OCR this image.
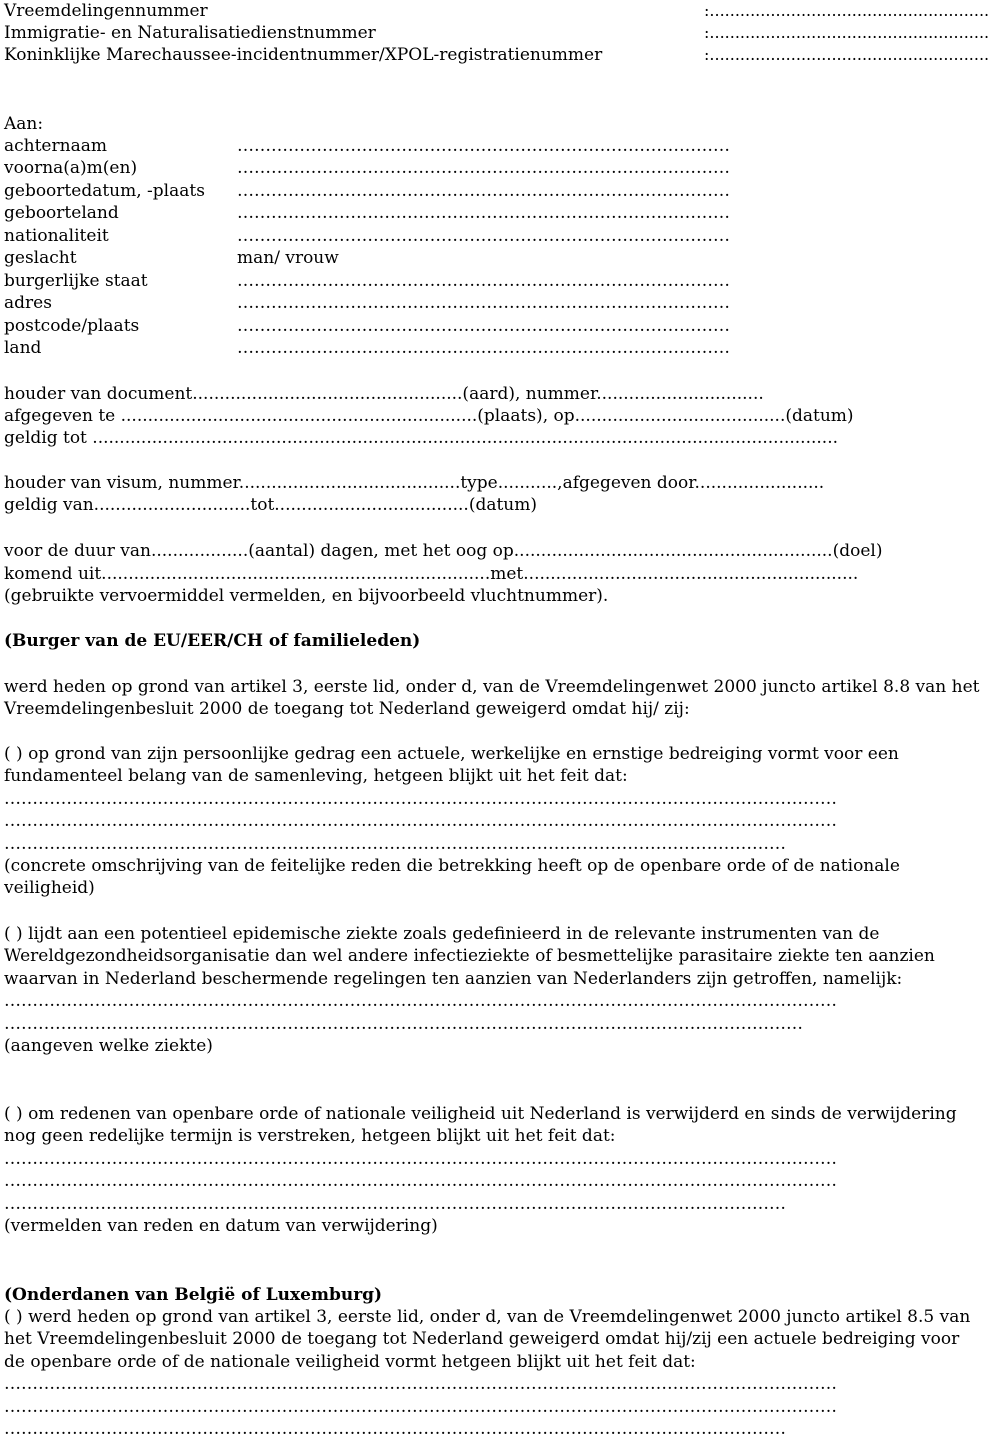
Vreemdelingennummer	:.......................................................
Immigratie- en Naturalisatiedienstnummer	:.......................................................
Koninklijke Marechaussee-incidentnummer/XPOL-registratienummer	:.......................................................
Aan:
achternaam	……………………………………………………………………………
voorna(a)m(en)	……………………………………………………………………………
geboortedatum, -plaats ……………………………………………………………………………
geboorteland	……………………………………………………………………………
nationaliteit	……………………………………………………………………………
geslacht	man/ vrouw
burgerlijke staat	……………………………………………………………………………
adres	……………………………………………………………………………
postcode/plaats	……………………………………………………………………………
land	……………………………………………………………………………
houder van document..................................................(aard), nummer...............................
afgegeven te ..................................................................(plaats), op.......................................(datum)
geldig tot ..........................................................................................................................................
houder van visum, nummer.........................................type...........,afgegeven door........................
geldig van.............................tot....................................(datum)
voor de duur van..................(aantal) dagen, met het oog op...........................................................(doel)
komend uit........................................................................met..............................................................
(gebruikte vervoermiddel vermelden, en bijvoorbeeld vluchtnummer).
(Burger van de EU/EER/CH of familieleden)
werd heden op grond van artikel 3, eerste lid, onder d, van de Vreemdelingenwet 2000 juncto artikel 8.8 van het
Vreemdelingenbesluit 2000 de toegang tot Nederland geweigerd omdat hij/ zij:
( ) op grond van zijn persoonlijke gedrag een actuele, werkelijke en ernstige bedreiging vormt voor een
fundamenteel belang van de samenleving, hetgeen blijkt uit het feit dat:
…………………………………………………………………………………………………………………………………
…………………………………………………………………………………………………………………………………
…………………………………………………………………………………………………………………………
(concrete omschrijving van de feitelijke reden die betrekking heeft op de openbare orde of de nationale
veiligheid)
( ) lijdt aan een potentieel epidemische ziekte zoals gedefinieerd in de relevante instrumenten van de
Wereldgezondheidsorganisatie dan wel andere infectieziekte of besmettelijke parasitaire ziekte ten aanzien
waarvan in Nederland beschermende regelingen ten aanzien van Nederlanders zijn getroffen, namelijk:
…………………………………………………………………………………………………………………………………
……………………………………………………………………………………………………………………………
(aangeven welke ziekte)
( ) om redenen van openbare orde of nationale veiligheid uit Nederland is verwijderd en sinds de verwijdering
nog geen redelijke termijn is verstreken, hetgeen blijkt uit het feit dat:
…………………………………………………………………………………………………………………………………
…………………………………………………………………………………………………………………………………
…………………………………………………………………………………………………………………………
(vermelden van reden en datum van verwijdering)
(Onderdanen van België of Luxemburg)
( ) werd heden op grond van artikel 3, eerste lid, onder d, van de Vreemdelingenwet 2000 juncto artikel 8.5 van
het Vreemdelingenbesluit 2000 de toegang tot Nederland geweigerd omdat hij/zij een actuele bedreiging voor
de openbare orde of de nationale veiligheid vormt hetgeen blijkt uit het feit dat:
…………………………………………………………………………………………………………………………………
…………………………………………………………………………………………………………………………………
…………………………………………………………………………………………………………………………
